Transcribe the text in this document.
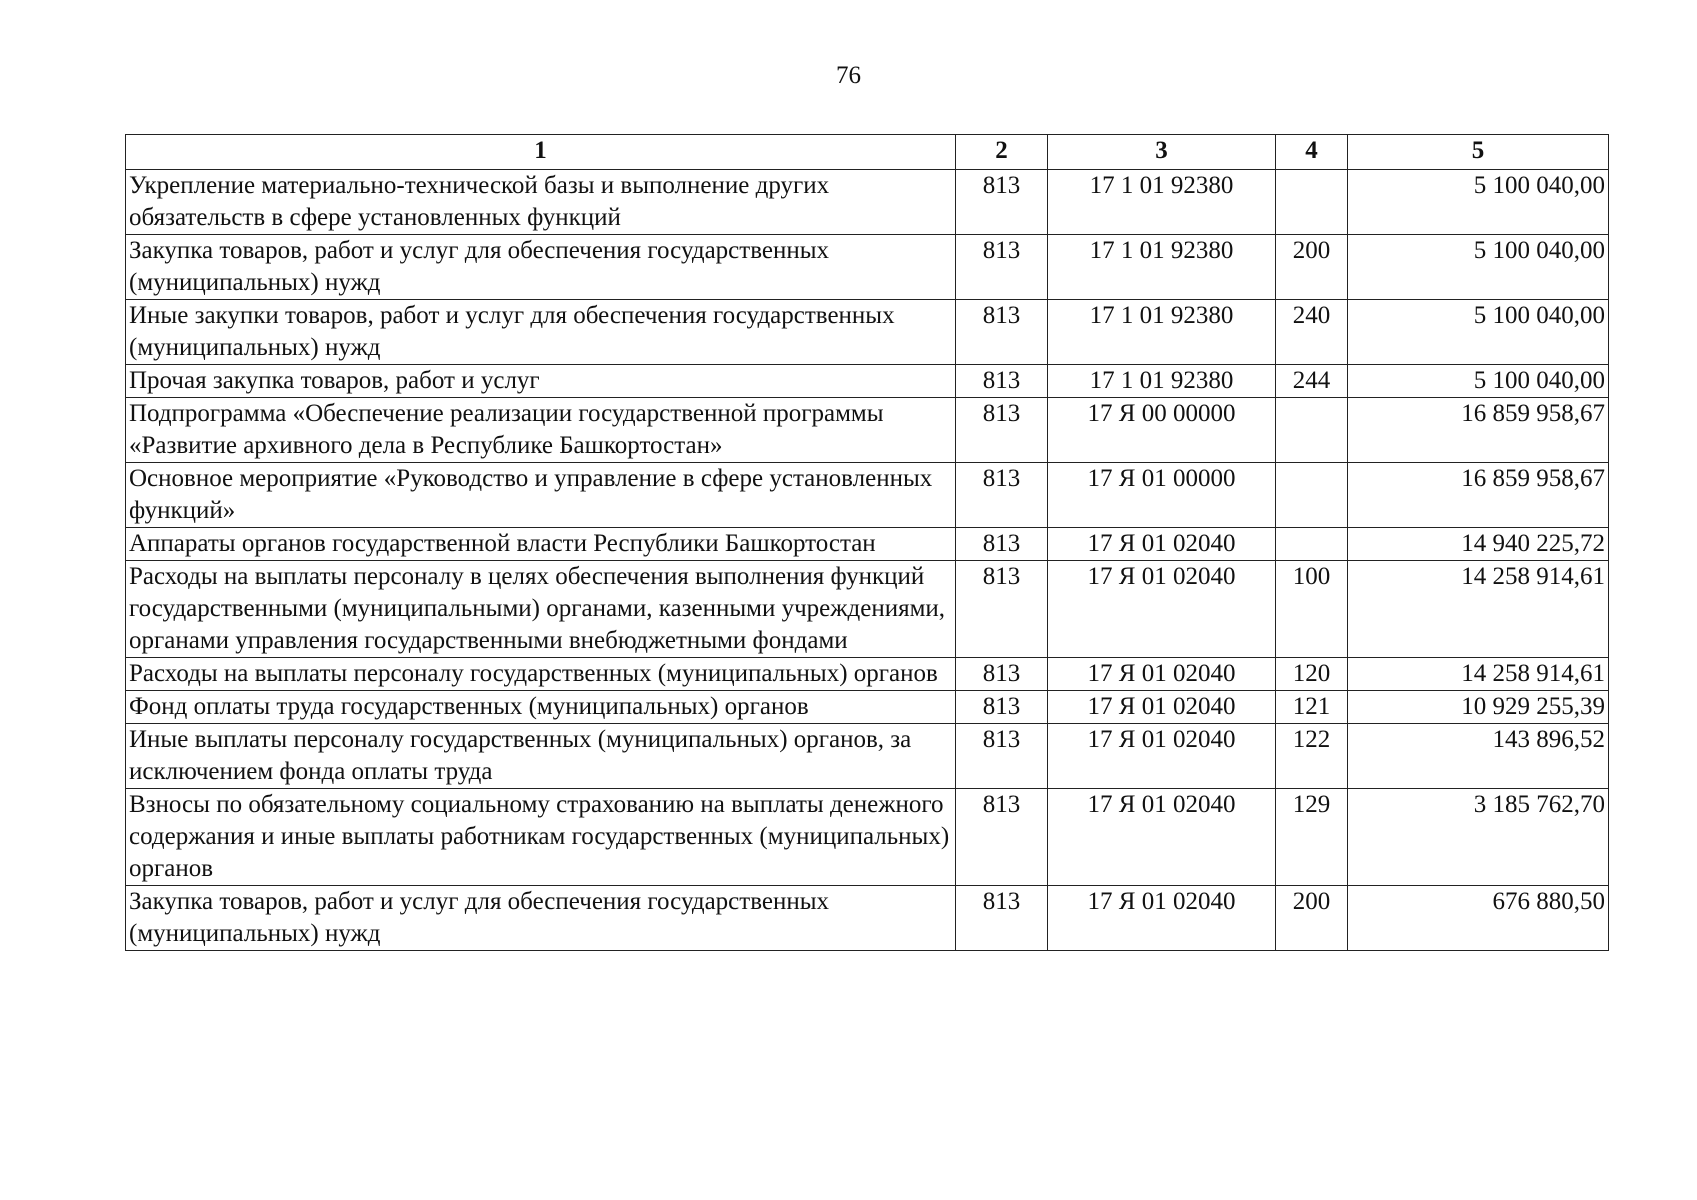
76
1	2	3	4	5
Укрепление материально-технической базы и выполнение других обязательств в сфере установленных функций	813	17 1 01 92380		5 100 040,00
Закупка товаров, работ и услуг для обеспечения государственных (муниципальных) нужд	813	17 1 01 92380	200	5 100 040,00
Иные закупки товаров, работ и услуг для обеспечения государственных (муниципальных) нужд	813	17 1 01 92380	240	5 100 040,00
Прочая закупка товаров, работ и услуг	813	17 1 01 92380	244	5 100 040,00
Подпрограмма «Обеспечение реализации государственной программы «Развитие архивного дела в Республике Башкортостан»	813	17 Я 00 00000		16 859 958,67
Основное мероприятие «Руководство и управление в сфере установленных функций»	813	17 Я 01 00000		16 859 958,67
Аппараты органов государственной власти Республики Башкортостан	813	17 Я 01 02040		14 940 225,72
Расходы на выплаты персоналу в целях обеспечения выполнения функций государственными (муниципальными) органами, казенными учреждениями, органами управления государственными внебюджетными фондами	813	17 Я 01 02040	100	14 258 914,61
Расходы на выплаты персоналу государственных (муниципальных) органов	813	17 Я 01 02040	120	14 258 914,61
Фонд оплаты труда государственных (муниципальных) органов	813	17 Я 01 02040	121	10 929 255,39
Иные выплаты персоналу государственных (муниципальных) органов, за исключением фонда оплаты труда	813	17 Я 01 02040	122	143 896,52
Взносы по обязательному социальному страхованию на выплаты денежного содержания и иные выплаты работникам государственных (муниципальных) органов	813	17 Я 01 02040	129	3 185 762,70
Закупка товаров, работ и услуг для обеспечения государственных (муниципальных) нужд	813	17 Я 01 02040	200	676 880,50
